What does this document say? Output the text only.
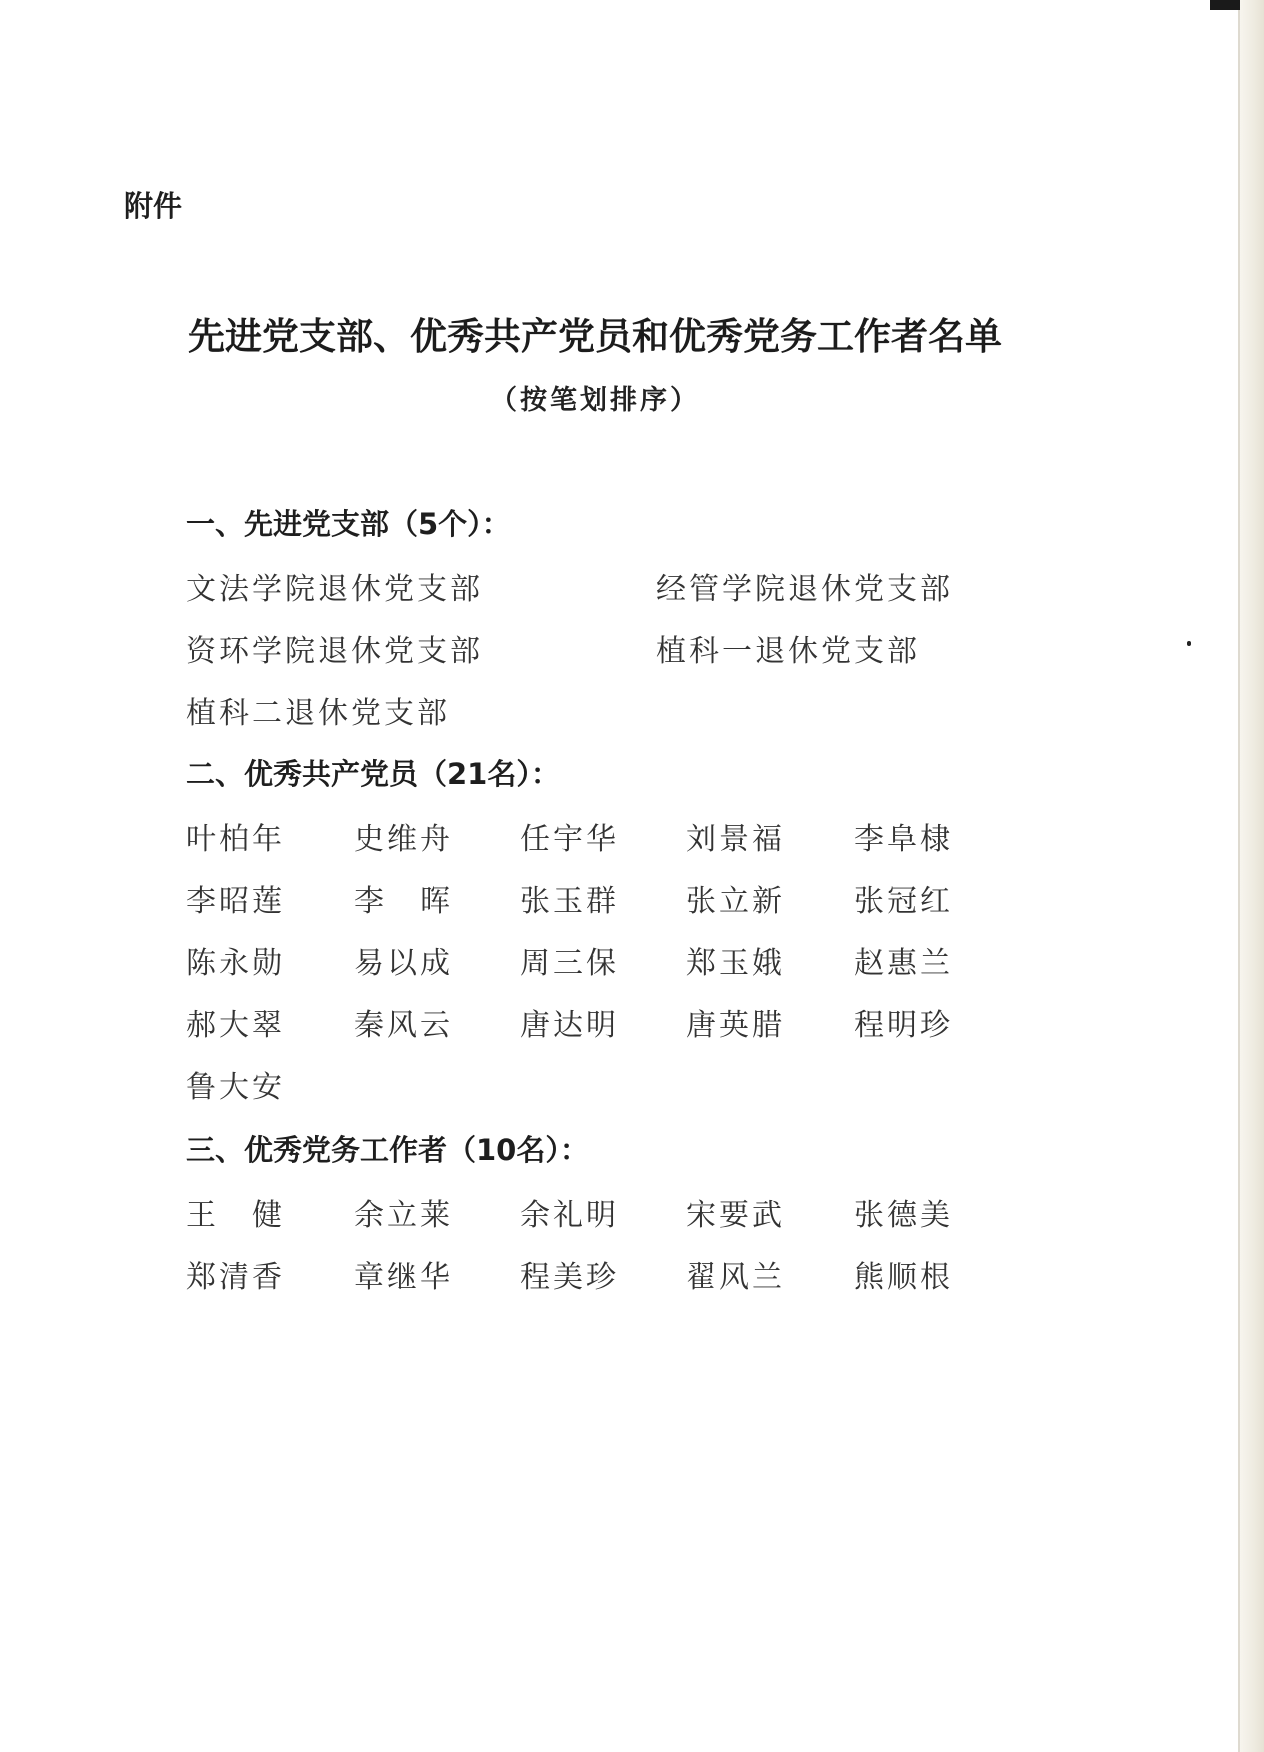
附件
先进党支部、优秀共产党员和优秀党务工作者名单
（按笔划排序）
一、先进党支部（5个）：
文法学院退休党支部	经管学院退休党支部
资环学院退休党支部	植科一退休党支部
植科二退休党支部
二、优秀共产党员（21名）：
叶柏年 史维舟 任宇华 刘景福 李阜棣
李昭莲 李　晖 张玉群 张立新 张冠红
陈永勋 易以成 周三保 郑玉娥 赵惠兰
郝大翠 秦风云 唐达明 唐英腊 程明珍
鲁大安
三、优秀党务工作者（10名）：
王　健 余立莱 余礼明 宋要武 张德美
郑清香 章继华 程美珍 翟风兰 熊顺根
